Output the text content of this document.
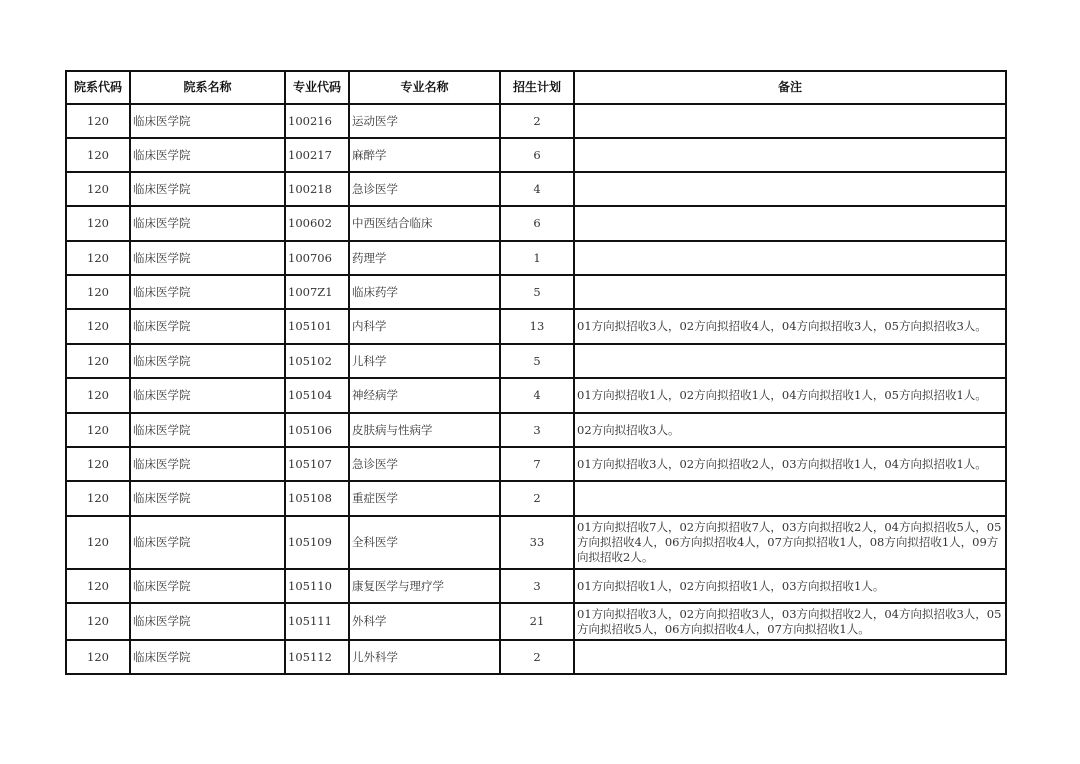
院系代码	院系名称	专业代码	专业名称	招生计划	备注
120	临床医学院	100216	运动医学	2	
120	临床医学院	100217	麻醉学	6	
120	临床医学院	100218	急诊医学	4	
120	临床医学院	100602	中西医结合临床	6	
120	临床医学院	100706	药理学	1	
120	临床医学院	1007Z1	临床药学	5	
120	临床医学院	105101	内科学	13	01方向拟招收3人，02方向拟招收4人，04方向拟招收3人，05方向拟招收3人。
120	临床医学院	105102	儿科学	5	
120	临床医学院	105104	神经病学	4	01方向拟招收1人，02方向拟招收1人，04方向拟招收1人，05方向拟招收1人。
120	临床医学院	105106	皮肤病与性病学	3	02方向拟招收3人。
120	临床医学院	105107	急诊医学	7	01方向拟招收3人，02方向拟招收2人，03方向拟招收1人，04方向拟招收1人。
120	临床医学院	105108	重症医学	2	
120	临床医学院	105109	全科医学	33	01方向拟招收7人，02方向拟招收7人，03方向拟招收2人，04方向拟招收5人，05方向拟招收4人，06方向拟招收4人，07方向拟招收1人，08方向拟招收1人，09方向拟招收2人。
120	临床医学院	105110	康复医学与理疗学	3	01方向拟招收1人，02方向拟招收1人，03方向拟招收1人。
120	临床医学院	105111	外科学	21	01方向拟招收3人，02方向拟招收3人，03方向拟招收2人，04方向拟招收3人，05方向拟招收5人，06方向拟招收4人，07方向拟招收1人。
120	临床医学院	105112	儿外科学	2	
